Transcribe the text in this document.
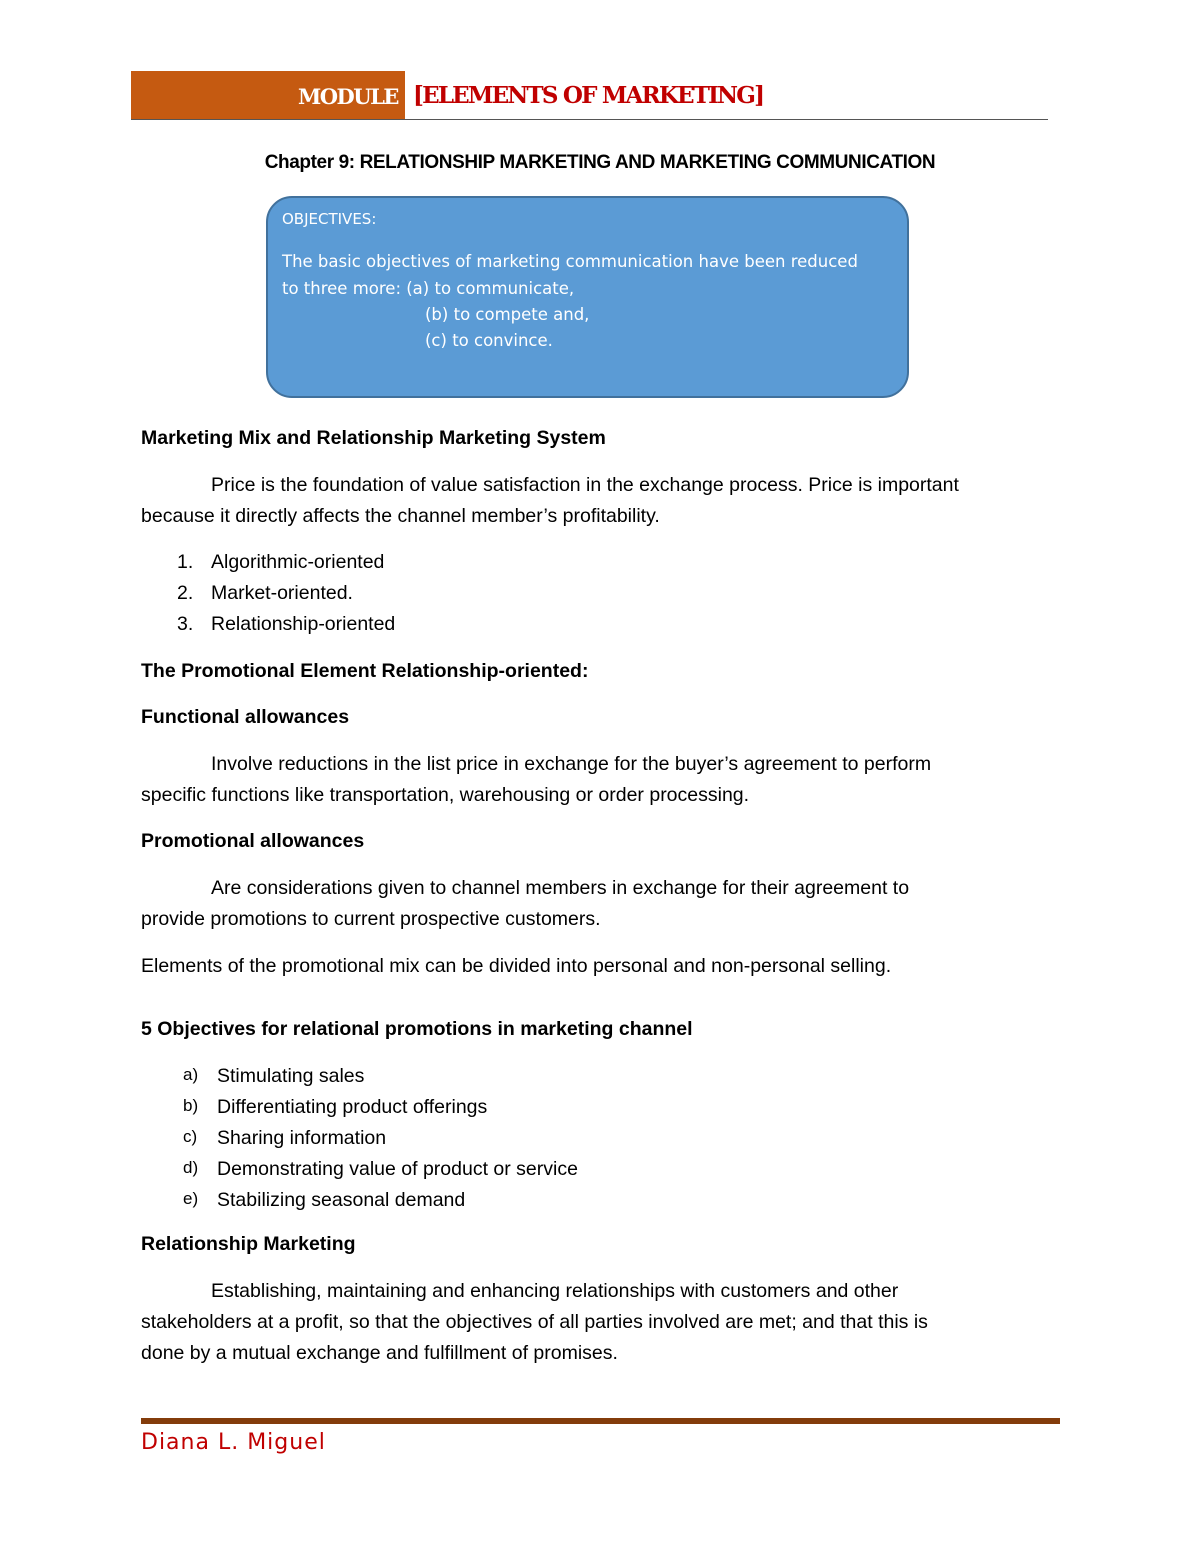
MODULE [ELEMENTS OF MARKETING]
Chapter 9: RELATIONSHIP MARKETING AND MARKETING COMMUNICATION
OBJECTIVES:
The basic objectives of marketing communication have been reduced
to three more: (a) to communicate,
(b) to compete and,
(c) to convince.
Marketing Mix and Relationship Marketing System
Price is the foundation of value satisfaction in the exchange process. Price is important
because it directly affects the channel member’s profitability.
1. Algorithmic-oriented
2. Market-oriented.
3. Relationship-oriented
The Promotional Element Relationship-oriented:
Functional allowances
Involve reductions in the list price in exchange for the buyer’s agreement to perform
specific functions like transportation, warehousing or order processing.
Promotional allowances
Are considerations given to channel members in exchange for their agreement to
provide promotions to current prospective customers.
Elements of the promotional mix can be divided into personal and non-personal selling.
5 Objectives for relational promotions in marketing channel
a) Stimulating sales
b) Differentiating product offerings
c) Sharing information
d) Demonstrating value of product or service
e) Stabilizing seasonal demand
Relationship Marketing
Establishing, maintaining and enhancing relationships with customers and other
stakeholders at a profit, so that the objectives of all parties involved are met; and that this is
done by a mutual exchange and fulfillment of promises.
Diana L. Miguel
